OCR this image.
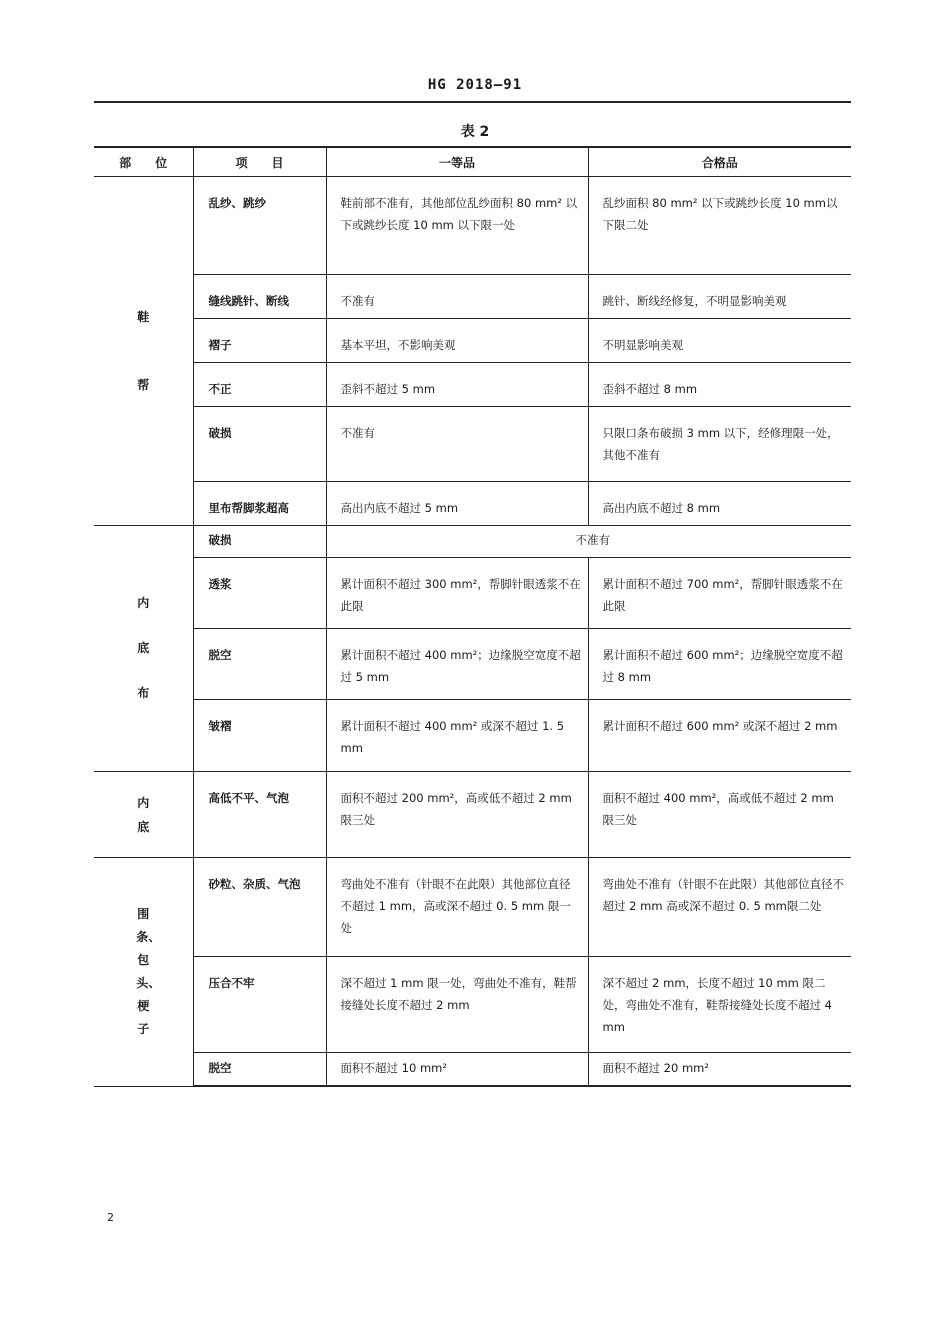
HG 2018—91
表 2
部　　位	项　　目	一等品	合格品
鞋帮	乱纱、跳纱	鞋前部不准有，其他部位乱纱面积 80 mm² 以下或跳纱长度 10 mm 以下限一处	乱纱面积 80 mm² 以下或跳纱长度 10 mm以下限二处
	缝线跳针、断线	不准有	跳针、断线经修复，不明显影响美观
	褶子	基本平坦，不影响美观	不明显影响美观
	不正	歪斜不超过 5 mm	歪斜不超过 8 mm
	破损	不准有	只限口条布破损 3 mm 以下，经修理限一处，其他不准有
	里布帮脚浆超高	高出内底不超过 5 mm	高出内底不超过 8 mm
内底布	破损	不准有	
	透浆	累计面积不超过 300 mm²，帮脚针眼透浆不在此限	累计面积不超过 700 mm²，帮脚针眼透浆不在此限
	脱空	累计面积不超过 400 mm²；边缘脱空宽度不超过 5 mm	累计面积不超过 600 mm²；边缘脱空宽度不超过 8 mm
	皱褶	累计面积不超过 400 mm² 或深不超过 1. 5 mm	累计面积不超过 600 mm² 或深不超过 2 mm
内底	高低不平、气泡	面积不超过 200 mm²，高或低不超过 2 mm 限三处	面积不超过 400 mm²，高或低不超过 2 mm限三处
围条、包头、梗子	砂粒、杂质、气泡	弯曲处不准有（针眼不在此限）其他部位直径不超过 1 mm，高或深不超过 0. 5 mm 限一处	弯曲处不准有（针眼不在此限）其他部位直径不超过 2 mm 高或深不超过 0. 5 mm限二处
	压合不牢	深不超过 1 mm 限一处，弯曲处不准有，鞋帮接缝处长度不超过 2 mm	深不超过 2 mm，长度不超过 10 mm 限二处，弯曲处不准有，鞋帮接缝处长度不超过 4 mm
	脱空	面积不超过 10 mm²	面积不超过 20 mm²
2
